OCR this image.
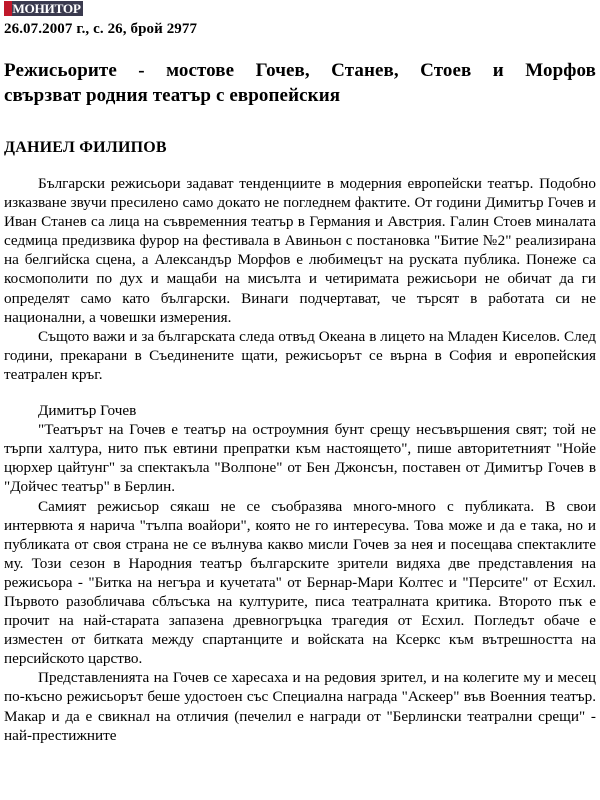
МОНИТОР
26.07.2007 г., с. 26, брой 2977
Режисьорите - мостове Гочев, Станев, Стоев и Морфов
свързват родния театър с европейския
ДАНИЕЛ ФИЛИПОВ

Български режисьори задават тенденциите в модерния европейски театър. Подобно изказване звучи пресилено само докато не погледнем фактите. От години Димитър Гочев и Иван Станев са лица на съвременния театър в Германия и Австрия. Галин Стоев миналата седмица предизвика фурор на фестивала в Авиньон с постановка "Битие №2" реализирана на белгийска сцена, а Александър Морфов е любимецът на руската публика. Понеже са космополити по дух и мащаби на мисълта и четиримата режисьори не обичат да ги определят само като български. Винаги подчертават, че търсят в работата си не национални, а човешки измерения.

Същото важи и за българската следа отвъд Океана в лицето на Младен Киселов. След години, прекарани в Съединените щати, режисьорът се върна в София и европейския театрален кръг.

Димитър Гочев

"Театърът на Гочев е театър на остроумния бунт срещу несъвършения свят; той не търпи халтура, нито пък евтини препратки към настоящето", пише авторитетният "Нойе цюрхер цайтунг" за спектакъла "Волпоне" от Бен Джонсън, поставен от Димитър Гочев в "Дойчес театър" в Берлин.

Самият режисьор сякаш не се съобразява много-много с публиката. В свои интервюта я нарича "тълпа воайори", която не го интересува. Това може и да е така, но и публиката от своя страна не се вълнува какво мисли Гочев за нея и посещава спектаклите му. Този сезон в Народния театър българските зрители видяха две представления на режисьора - "Битка на негъра и кучетата" от Бернар-Мари Колтес и "Персите" от Есхил. Първото разобличава сблъсъка на културите, писа театралната критика. Второто пък е прочит на най-старата запазена древногръцка трагедия от Есхил. Погледът обаче е изместен от битката между спартанците и войската на Ксеркс към вътрешността на персийското царство.

Представленията на Гочев се харесаха и на редовия зрител, и на колегите му и месец по-късно режисьорът беше удостоен със Специална награда "Аскеер" във Военния театър. Макар и да е свикнал на отличия (печелил е награди от "Берлински театрални срещи" - най-престижните
